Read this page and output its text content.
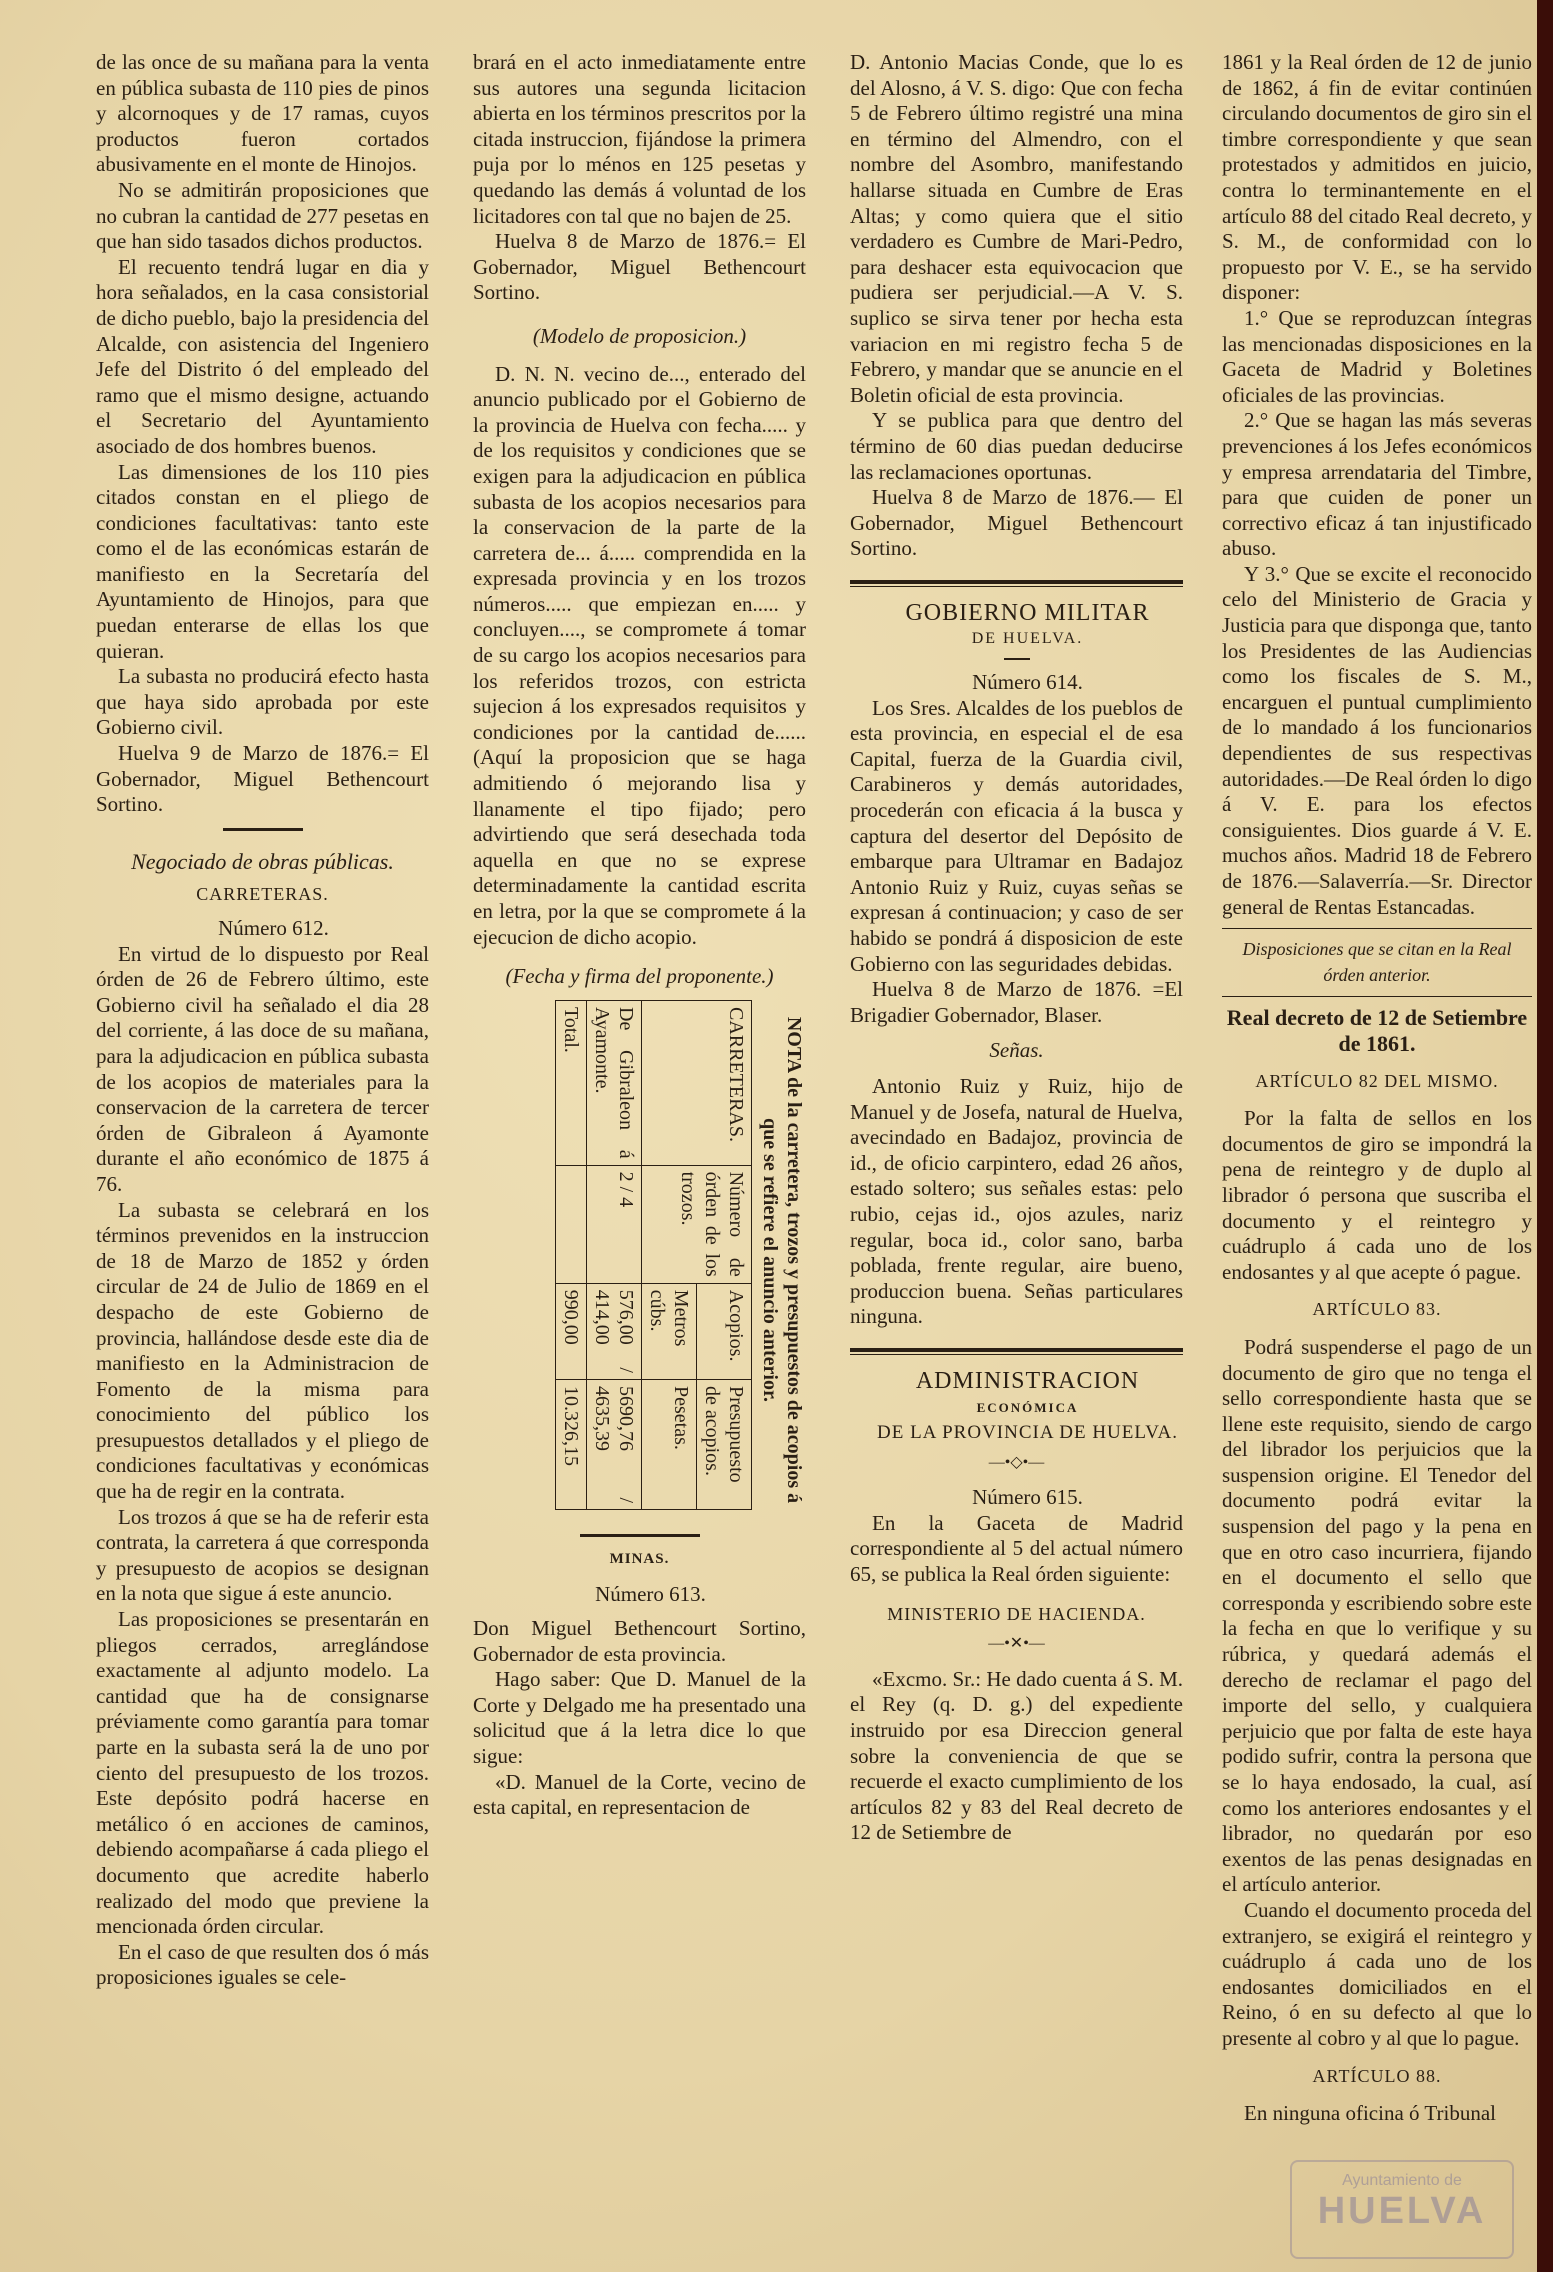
de las once de su mañana para la venta en pública subasta de 110 pies de pinos y alcornoques y de 17 ramas, cuyos productos fueron cortados abusivamente en el monte de Hinojos.

No se admitirán proposiciones que no cubran la cantidad de 277 pesetas en que han sido tasados dichos productos.

El recuento tendrá lugar en dia y hora señalados, en la casa consistorial de dicho pueblo, bajo la presidencia del Alcalde, con asistencia del Ingeniero Jefe del Distrito ó del empleado del ramo que el mismo designe, actuando el Secretario del Ayuntamiento asociado de dos hombres buenos.

Las dimensiones de los 110 pies citados constan en el pliego de condiciones facultativas: tanto este como el de las económicas estarán de manifiesto en la Secretaría del Ayuntamiento de Hinojos, para que puedan enterarse de ellas los que quieran.

La subasta no producirá efecto hasta que haya sido aprobada por este Gobierno civil.

Huelva 9 de Marzo de 1876.= El Gobernador, Miguel Bethencourt Sortino.

Negociado de obras públicas.

CARRETERAS.

Número 612.

En virtud de lo dispuesto por Real órden de 26 de Febrero último, este Gobierno civil ha señalado el dia 28 del corriente, á las doce de su mañana, para la adjudicacion en pública subasta de los acopios de materiales para la conservacion de la carretera de tercer órden de Gibraleon á Ayamonte durante el año económico de 1875 á 76.

La subasta se celebrará en los términos prevenidos en la instruccion de 18 de Marzo de 1852 y órden circular de 24 de Julio de 1869 en el despacho de este Gobierno de provincia, hallándose desde este dia de manifiesto en la Administracion de Fomento de la misma para conocimiento del público los presupuestos detallados y el pliego de condiciones facultativas y económicas que ha de regir en la contrata.

Los trozos á que se ha de referir esta contrata, la carretera á que corresponda y presupuesto de acopios se designan en la nota que sigue á este anuncio.

Las proposiciones se presentarán en pliegos cerrados, arreglándose exactamente al adjunto modelo. La cantidad que ha de consignarse préviamente como garantía para tomar parte en la subasta será la de uno por ciento del presupuesto de los trozos. Este depósito podrá hacerse en metálico ó en acciones de caminos, debiendo acompañarse á cada pliego el documento que acredite haberlo realizado del modo que previene la mencionada órden circular.

En el caso de que resulten dos ó más proposiciones iguales se cele-

brará en el acto inmediatamente entre sus autores una segunda licitacion abierta en los términos prescritos por la citada instruccion, fijándose la primera puja por lo ménos en 125 pesetas y quedando las demás á voluntad de los licitadores con tal que no bajen de 25.

Huelva 8 de Marzo de 1876.= El Gobernador, Miguel Bethencourt Sortino.

(Modelo de proposicion.)

D. N. N. vecino de..., enterado del anuncio publicado por el Gobierno de la provincia de Huelva con fecha..... y de los requisitos y condiciones que se exigen para la adjudicacion en pública subasta de los acopios necesarios para la conservacion de la parte de la carretera de... á..... comprendida en la expresada provincia y en los trozos números..... que empiezan en..... y concluyen...., se compromete á tomar de su cargo los acopios necesarios para los referidos trozos, con estricta sujecion á los expresados requisitos y condiciones por la cantidad de...... (Aquí la proposicion que se haga admitiendo ó mejorando lisa y llanamente el tipo fijado; pero advirtiendo que será desechada toda aquella en que no se exprese determinadamente la cantidad escrita en letra, por la que se compromete á la ejecucion de dicho acopio.

(Fecha y firma del proponente.)

NOTA de la carretera, trozos y presupuestos de acopios á que se refiere el anuncio anterior.

CARRETERAS.	Número de órden de los trozos.	Acopios.	Presupuesto de acopios.
		Metros cúbs.	Pesetas.
De Gibraleon á Ayamonte.	2 / 4	576,00 / 414,00	5690,76 / 4635,39
Total.		990,00	10.326,15

MINAS.

Número 613.

Don Miguel Bethencourt Sortino, Gobernador de esta provincia.

Hago saber: Que D. Manuel de la Corte y Delgado me ha presentado una solicitud que á la letra dice lo que sigue:

«D. Manuel de la Corte, vecino de esta capital, en representacion de

D. Antonio Macias Conde, que lo es del Alosno, á V. S. digo: Que con fecha 5 de Febrero último registré una mina en término del Almendro, con el nombre del Asombro, manifestando hallarse situada en Cumbre de Eras Altas; y como quiera que el sitio verdadero es Cumbre de Mari-Pedro, para deshacer esta equivocacion que pudiera ser perjudicial.—A V. S. suplico se sirva tener por hecha esta variacion en mi registro fecha 5 de Febrero, y mandar que se anuncie en el Boletin oficial de esta provincia.

Y se publica para que dentro del término de 60 dias puedan deducirse las reclamaciones oportunas.

Huelva 8 de Marzo de 1876.— El Gobernador, Miguel Bethencourt Sortino.

GOBIERNO MILITAR

DE HUELVA.

Número 614.

Los Sres. Alcaldes de los pueblos de esta provincia, en especial el de esa Capital, fuerza de la Guardia civil, Carabineros y demás autoridades, procederán con eficacia á la busca y captura del desertor del Depósito de embarque para Ultramar en Badajoz Antonio Ruiz y Ruiz, cuyas señas se expresan á continuacion; y caso de ser habido se pondrá á disposicion de este Gobierno con las seguridades debidas.

Huelva 8 de Marzo de 1876. =El Brigadier Gobernador, Blaser.

Señas.

Antonio Ruiz y Ruiz, hijo de Manuel y de Josefa, natural de Huelva, avecindado en Badajoz, provincia de id., de oficio carpintero, edad 26 años, estado soltero; sus señales estas: pelo rubio, cejas id., ojos azules, nariz regular, boca id., color sano, barba poblada, frente regular, aire bueno, produccion buena. Señas particulares ninguna.

ADMINISTRACION

ECONÓMICA

DE LA PROVINCIA DE HUELVA.

—•◇•—

Número 615.

En la Gaceta de Madrid correspondiente al 5 del actual número 65, se publica la Real órden siguiente:

MINISTERIO DE HACIENDA.

—•✕•—

«Excmo. Sr.: He dado cuenta á S. M. el Rey (q. D. g.) del expediente instruido por esa Direccion general sobre la conveniencia de que se recuerde el exacto cumplimiento de los artículos 82 y 83 del Real decreto de 12 de Setiembre de

1861 y la Real órden de 12 de junio de 1862, á fin de evitar continúen circulando documentos de giro sin el timbre correspondiente y que sean protestados y admitidos en juicio, contra lo terminantemente en el artículo 88 del citado Real decreto, y S. M., de conformidad con lo propuesto por V. E., se ha servido disponer:

1.° Que se reproduzcan íntegras las mencionadas disposiciones en la Gaceta de Madrid y Boletines oficiales de las provincias.

2.° Que se hagan las más severas prevenciones á los Jefes económicos y empresa arrendataria del Timbre, para que cuiden de poner un correctivo eficaz á tan injustificado abuso.

Y 3.° Que se excite el reconocido celo del Ministerio de Gracia y Justicia para que disponga que, tanto los Presidentes de las Audiencias como los fiscales de S. M., encarguen el puntual cumplimiento de lo mandado á los funcionarios dependientes de sus respectivas autoridades.—De Real órden lo digo á V. E. para los efectos consiguientes. Dios guarde á V. E. muchos años. Madrid 18 de Febrero de 1876.—Salaverría.—Sr. Director general de Rentas Estancadas.

Disposiciones que se citan en la Real órden anterior.

Real decreto de 12 de Setiembre de 1861.

ARTÍCULO 82 DEL MISMO.

Por la falta de sellos en los documentos de giro se impondrá la pena de reintegro y de duplo al librador ó persona que suscriba el documento y el reintegro y cuádruplo á cada uno de los endosantes y al que acepte ó pague.

ARTÍCULO 83.

Podrá suspenderse el pago de un documento de giro que no tenga el sello correspondiente hasta que se llene este requisito, siendo de cargo del librador los perjuicios que la suspension origine. El Tenedor del documento podrá evitar la suspension del pago y la pena en que en otro caso incurriera, fijando en el documento el sello que corresponda y escribiendo sobre este la fecha en que lo verifique y su rúbrica, y quedará además el derecho de reclamar el pago del importe del sello, y cualquiera perjuicio que por falta de este haya podido sufrir, contra la persona que se lo haya endosado, la cual, así como los anteriores endosantes y el librador, no quedarán por eso exentos de las penas designadas en el artículo anterior.

Cuando el documento proceda del extranjero, se exigirá el reintegro y cuádruplo á cada uno de los endosantes domiciliados en el Reino, ó en su defecto al que lo presente al cobro y al que lo pague.

ARTÍCULO 88.

En ninguna oficina ó Tribunal

Ayuntamiento de
HUELVA
